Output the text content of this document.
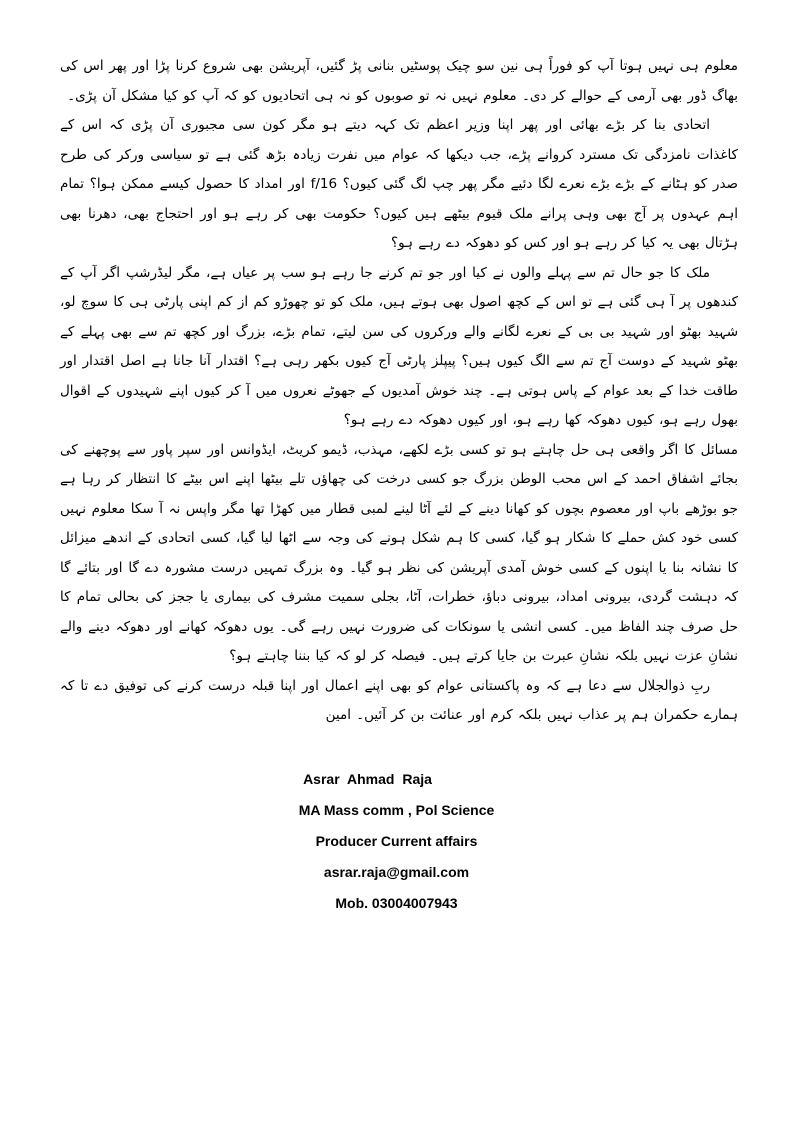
معلوم ہی نہیں ہوتا آپ کو فوراً ہی نین سو چیک پوسٹیں بنانی پڑ گئیں، آپریشن بھی شروع کرنا پڑا اور پھر اس کی بھاگ ڈور بھی آرمی کے حوالے کر دی۔ معلوم نہیں نہ تو صوبوں کو نہ ہی اتحادیوں کو کہ آپ کو کیا مشکل آن پڑی۔

اتحادی بنا کر بڑے بھائی اور پھر اپنا وزیر اعظم تک کہہ دیتے ہو مگر کون سی مجبوری آن پڑی کہ اس کے کاغذات نامزدگی تک مسترد کروانے پڑے، جب دیکھا کہ عوام میں نفرت زیادہ بڑھ گئی ہے تو سیاسی ورکر کی طرح صدر کو ہٹانے کے بڑے بڑے نعرے لگا دئیے مگر پھر چپ لگ گئی کیوں؟ f/16 اور امداد کا حصول کیسے ممکن ہوا؟ تمام اہم عہدوں پر آج بھی وہی پرانے ملک قیوم بیٹھے ہیں کیوں؟ حکومت بھی کر رہے ہو اور احتجاج بھی، دھرنا بھی ہڑتال بھی یہ کیا کر رہے ہو اور کس کو دھوکہ دے رہے ہو؟

ملک کا جو حال تم سے پہلے والوں نے کیا اور جو تم کرنے جا رہے ہو سب پر عیاں ہے، مگر لیڈرشپ اگر آپ کے کندھوں پر آ ہی گئی ہے تو اس کے کچھ اصول بھی ہوتے ہیں، ملک کو تو چھوڑو کم از کم اپنی پارٹی ہی کا سوچ لو، شہید بھٹو اور شہید بی بی کے نعرے لگانے والے ورکروں کی سن لیتے، تمام بڑے، بزرگ اور کچھ تم سے بھی پہلے کے بھٹو شہید کے دوست آج تم سے الگ کیوں ہیں؟ پیپلز پارٹی آج کیوں بکھر رہی ہے؟ اقتدار آنا جانا ہے اصل اقتدار اور طاقت خدا کے بعد عوام کے پاس ہوتی ہے۔ چند خوش آمدیوں کے جھوٹے نعروں میں آ کر کیوں اپنے شہیدوں کے اقوال بھول رہے ہو، کیوں دھوکہ کھا رہے ہو، اور کیوں دھوکہ دے رہے ہو؟

مسائل کا اگر واقعی ہی حل چاہتے ہو تو کسی بڑے لکھے، مہذب، ڈیمو کریٹ، ایڈوانس اور سپر پاور سے پوچھنے کی بجائے اشفاق احمد کے اس محب الوطن بزرگ جو کسی درخت کی چھاؤں تلے بیٹھا اپنے اس بیٹے کا انتظار کر رہا ہے جو بوڑھے باپ اور معصوم بچوں کو کھانا دینے کے لئے آٹا لینے لمبی قطار میں کھڑا تھا مگر واپس نہ آ سکا معلوم نہیں کسی خود کش حملے کا شکار ہو گیا، کسی کا ہم شکل ہونے کی وجہ سے اٹھا لیا گیا، کسی اتحادی کے اندھے میزائل کا نشانہ بنا یا اپنوں کے کسی خوش آمدی آپریشن کی نظر ہو گیا۔ وہ بزرگ تمہیں درست مشورہ دے گا اور بتائے گا کہ دہشت گردی، بیرونی امداد، بیرونی دباؤ، خطرات، آٹا، بجلی سمیت مشرف کی بیماری یا ججز کی بحالی تمام کا حل صرف چند الفاظ میں۔ کسی انشی یا سونکات کی ضرورت نہیں رہے گی۔ یوں دھوکہ کھانے اور دھوکہ دینے والے نشانِ عزت نہیں بلکہ نشانِ عبرت بن جایا کرتے ہیں۔ فیصلہ کر لو کہ کیا بننا چاہتے ہو؟

ربِ ذوالجلال سے دعا ہے کہ وہ پاکستانی عوام کو بھی اپنے اعمال اور اپنا قبلہ درست کرنے کی توفیق دے تا کہ ہمارے حکمران ہم پر عذاب نہیں بلکہ کرم اور عنائت بن کر آئیں۔ امین

Asrar Ahmad Raja
MA Mass comm , Pol Science
Producer Current affairs
asrar.raja@gmail.com
Mob. 03004007943
